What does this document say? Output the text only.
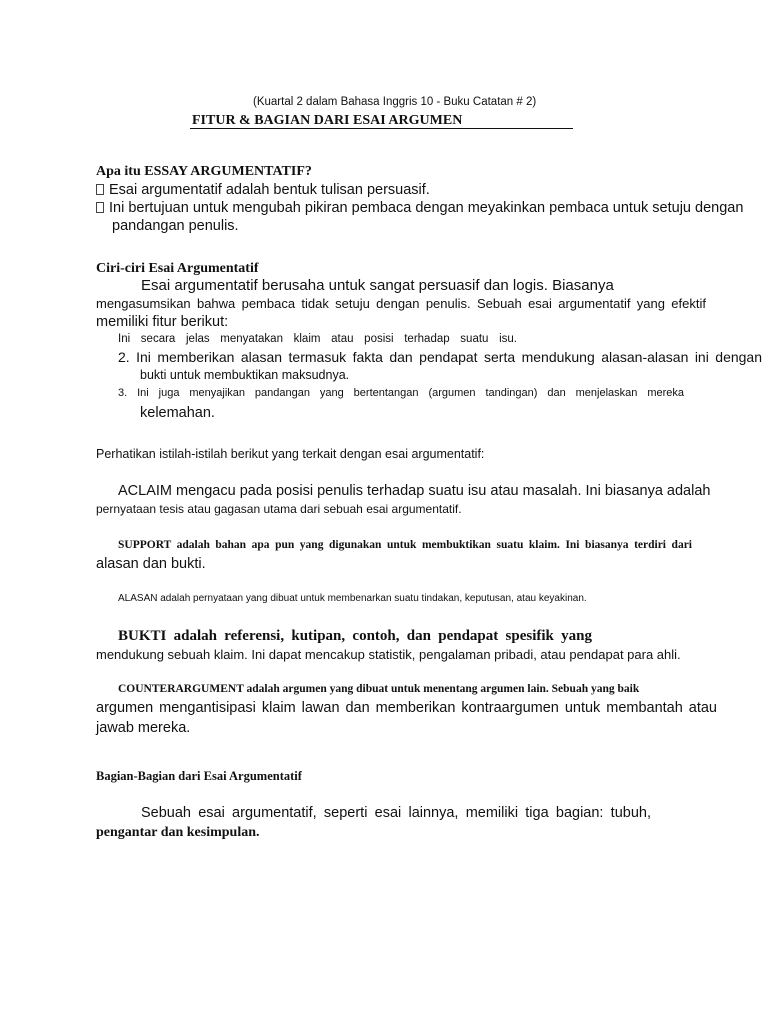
(Kuartal 2 dalam Bahasa Inggris 10 - Buku Catatan # 2)
FITUR & BAGIAN DARI ESAI ARGUMEN
Apa itu ESSAY ARGUMENTATIF?
Esai argumentatif adalah bentuk tulisan persuasif.
Ini bertujuan untuk mengubah pikiran pembaca dengan meyakinkan pembaca untuk setuju dengan
pandangan penulis.
Ciri-ciri Esai Argumentatif
Esai argumentatif berusaha untuk sangat persuasif dan logis. Biasanya
mengasumsikan bahwa pembaca tidak setuju dengan penulis. Sebuah esai argumentatif yang efektif
memiliki fitur berikut:
Ini secara jelas menyatakan klaim atau posisi terhadap suatu isu.
2. Ini memberikan alasan termasuk fakta dan pendapat serta mendukung alasan-alasan ini dengan
bukti untuk membuktikan maksudnya.
3. Ini juga menyajikan pandangan yang bertentangan (argumen tandingan) dan menjelaskan mereka
kelemahan.
Perhatikan istilah-istilah berikut yang terkait dengan esai argumentatif:
ACLAIM mengacu pada posisi penulis terhadap suatu isu atau masalah. Ini biasanya adalah
pernyataan tesis atau gagasan utama dari sebuah esai argumentatif.
SUPPORT adalah bahan apa pun yang digunakan untuk membuktikan suatu klaim. Ini biasanya terdiri dari
alasan dan bukti.
ALASAN adalah pernyataan yang dibuat untuk membenarkan suatu tindakan, keputusan, atau keyakinan.
BUKTI adalah referensi, kutipan, contoh, dan pendapat spesifik yang
mendukung sebuah klaim. Ini dapat mencakup statistik, pengalaman pribadi, atau pendapat para ahli.
COUNTERARGUMENT adalah argumen yang dibuat untuk menentang argumen lain. Sebuah yang baik
argumen mengantisipasi klaim lawan dan memberikan kontraargumen untuk membantah atau
jawab mereka.
Bagian-Bagian dari Esai Argumentatif
Sebuah esai argumentatif, seperti esai lainnya, memiliki tiga bagian: tubuh,
pengantar dan kesimpulan.
